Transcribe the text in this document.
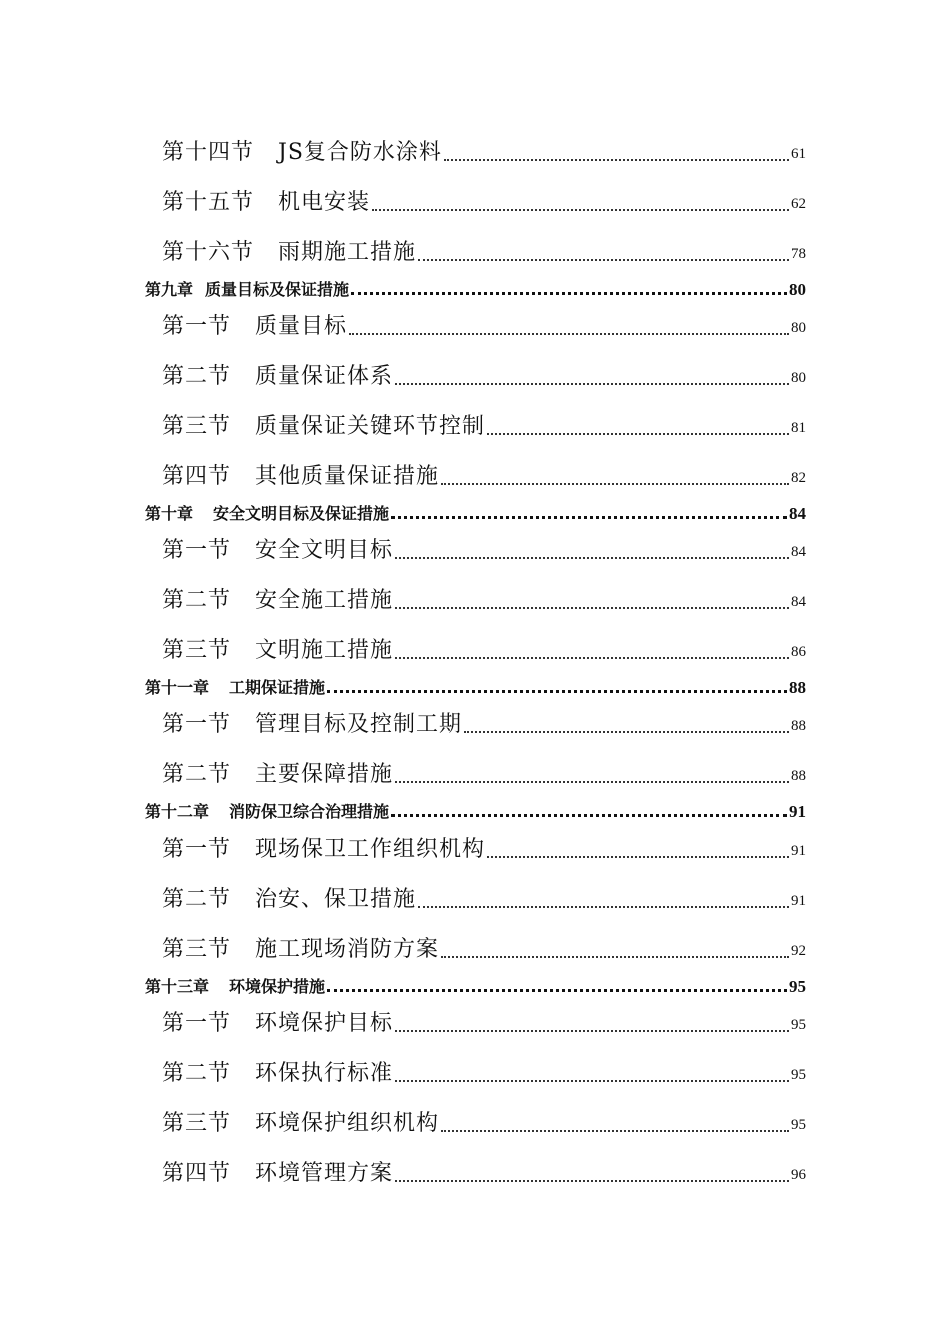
第十四节 JS复合防水涂料	61
第十五节 机电安装	62
第十六节 雨期施工措施	78
第九章 质量目标及保证措施	80
第一节 质量目标	80
第二节 质量保证体系	80
第三节 质量保证关键环节控制	81
第四节 其他质量保证措施	82
第十章 安全文明目标及保证措施	84
第一节 安全文明目标	84
第二节 安全施工措施	84
第三节 文明施工措施	86
第十一章 工期保证措施	88
第一节 管理目标及控制工期	88
第二节 主要保障措施	88
第十二章 消防保卫综合治理措施	91
第一节 现场保卫工作组织机构	91
第二节 治安、保卫措施	91
第三节 施工现场消防方案	92
第十三章 环境保护措施	95
第一节 环境保护目标	95
第二节 环保执行标准	95
第三节 环境保护组织机构	95
第四节 环境管理方案	96
